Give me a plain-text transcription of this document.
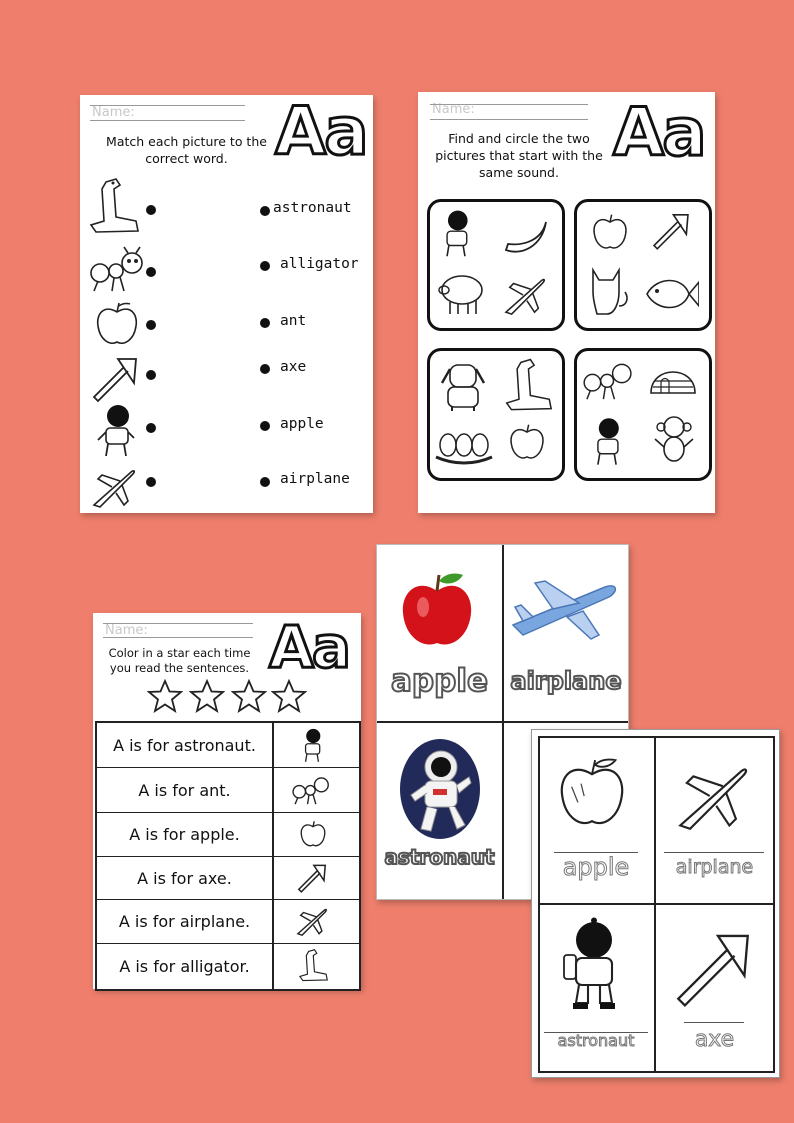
Name: Aa
Match each picture to the correct word.
astronaut
alligator
ant
axe
apple
airplane
Name: Aa
Find and circle the two pictures that start with the same sound.
apple airplane
astronaut
Name: Aa
Color in a star each time you read the sentences.
A is for astronaut.
A is for ant.
A is for apple.
A is for axe.
A is for airplane.
A is for alligator.
apple	airplane
astronaut	axe
